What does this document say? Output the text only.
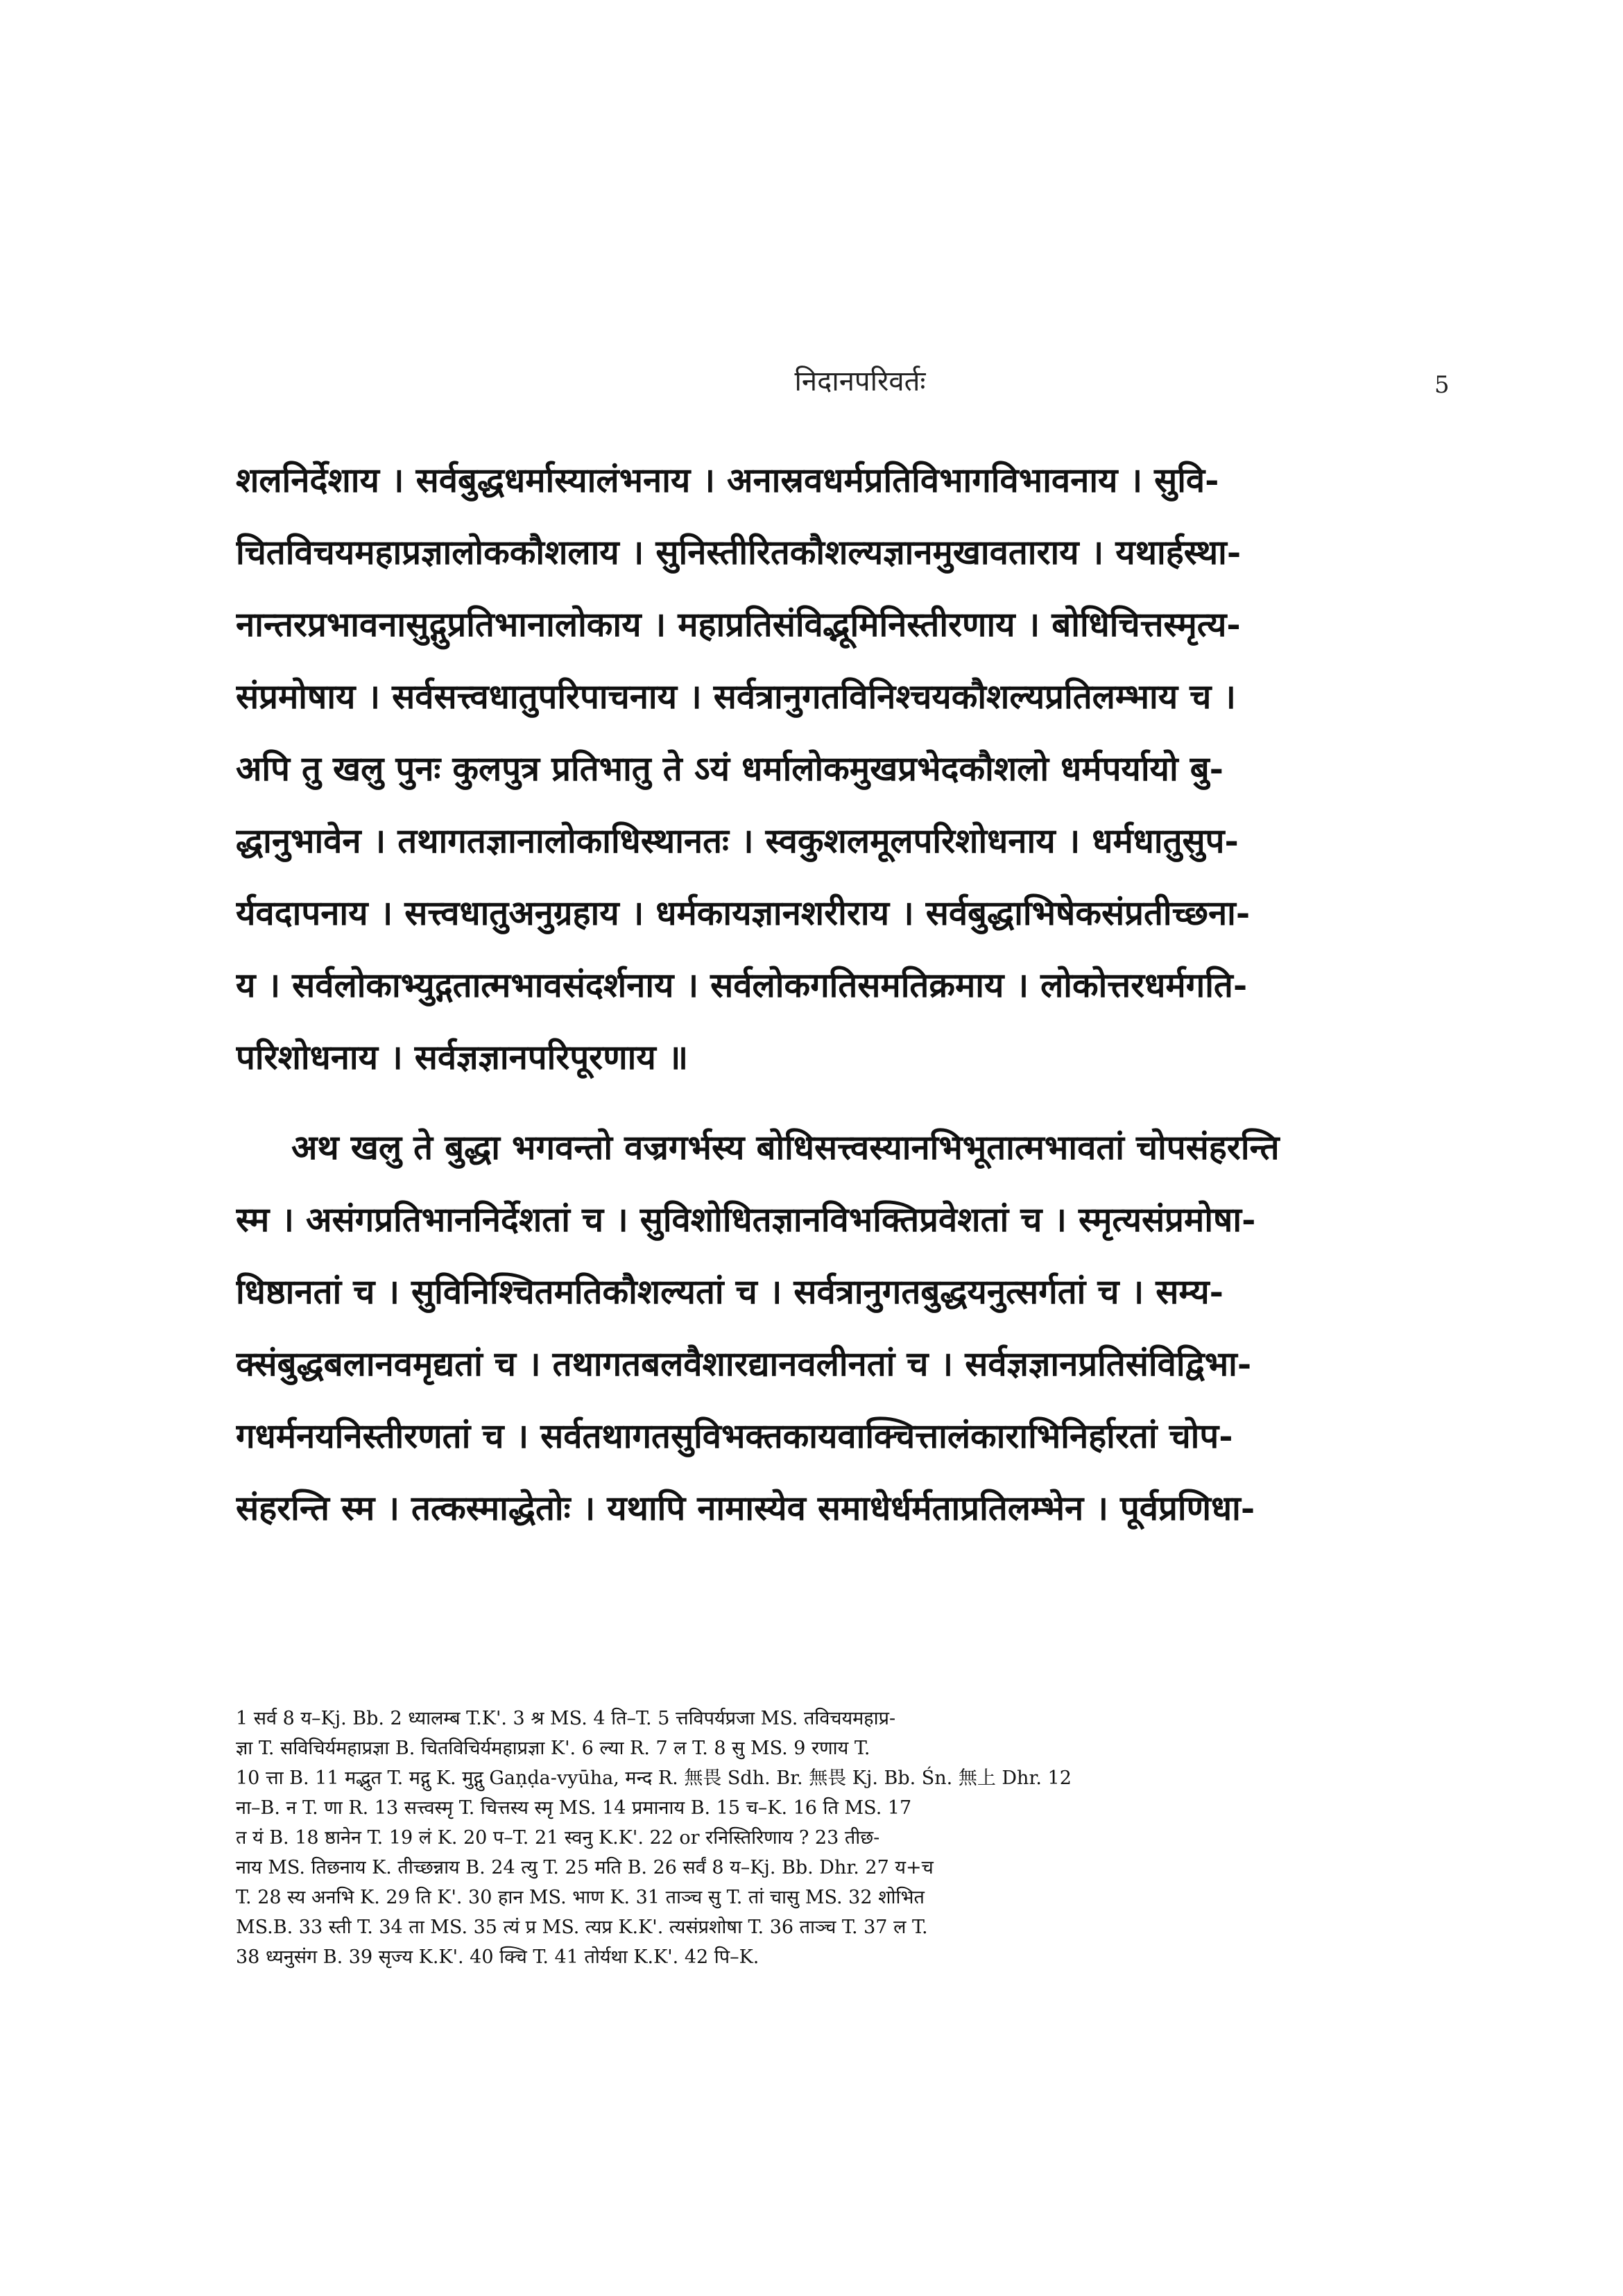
निदानपरिवर्तः	5
शलनिर्देशाय । सर्वबुद्धधर्मास्यालंभनाय । अनास्रवधर्मप्रतिविभागविभावनाय । सुवि-
चितविचयमहाप्रज्ञालोककौशलाय । सुनिस्तीरितकौशल्यज्ञानमुखावताराय । यथार्हस्था-
नान्तरप्रभावनासुद्गुप्रतिभानालोकाय । महाप्रतिसंविद्भूमिनिस्तीरणाय । बोधिचित्तस्मृत्य-
संप्रमोषाय । सर्वसत्त्वधातुपरिपाचनाय । सर्वत्रानुगतविनिश्चयकौशल्यप्रतिलम्भाय च ।
अपि तु खलु पुनः कुलपुत्र प्रतिभातु ते ऽयं धर्मालोकमुखप्रभेदकौशलो धर्मपर्यायो बु-
द्धानुभावेन । तथागतज्ञानालोकाधिस्थानतः । स्वकुशलमूलपरिशोधनाय । धर्मधातुसुप-
र्यवदापनाय । सत्त्वधातुअनुग्रहाय । धर्मकायज्ञानशरीराय । सर्वबुद्धाभिषेकसंप्रतीच्छना-
य । सर्वलोकाभ्युद्गतात्मभावसंदर्शनाय । सर्वलोकगतिसमतिक्रमाय । लोकोत्तरधर्मगति-
परिशोधनाय । सर्वज्ञज्ञानपरिपूरणाय ॥
अथ खलु ते बुद्धा भगवन्तो वज्रगर्भस्य बोधिसत्त्वस्यानभिभूतात्मभावतां चोपसंहरन्ति
स्म । असंगप्रतिभाननिर्देशतां च । सुविशोधितज्ञानविभक्तिप्रवेशतां च । स्मृत्यसंप्रमोषा-
धिष्ठानतां च । सुविनिश्चितमतिकौशल्यतां च । सर्वत्रानुगतबुद्धयनुत्सर्गतां च । सम्य-
क्संबुद्धबलानवमृद्यतां च । तथागतबलवैशारद्यानवलीनतां च । सर्वज्ञज्ञानप्रतिसंविद्विभा-
गधर्मनयनिस्तीरणतां च । सर्वतथागतसुविभक्तकायवाक्चित्तालंकाराभिनिर्हारतां चोप-
संहरन्ति स्म । तत्कस्माद्धेतोः । यथापि नामास्येव समाधेर्धर्मताप्रतिलम्भेन । पूर्वप्रणिधा-
1 सर्व 8 य–Kj. Bb. 2 ध्यालम्ब T.K'. 3 श्र MS. 4 ति–T. 5 त्तविपर्यप्रजा MS. तविचयमहाप्र-
ज्ञा T. सविचिर्यमहाप्रज्ञा B. चितविचिर्यमहाप्रज्ञा K'. 6 ल्या R. 7 ल T. 8 सु MS. 9 रणाय T.
10 त्ता B. 11 मद्भुत T. मद्गु K. मुद्गु Gaṇḍa-vyūha, मन्द R. 無畏 Sdh. Br. 無畏 Kj. Bb. Śn. 無上 Dhr. 12
ना–B. न T. णा R. 13 सत्त्वस्मृ T. चित्तस्य स्मृ MS. 14 प्रमानाय B. 15 च–K. 16 ति MS. 17
त यं B. 18 ष्ठानेन T. 19 लं K. 20 प–T. 21 स्वनु K.K'. 22 or रनिस्तिरिणाय ? 23 तीछ-
नाय MS. तिछनाय K. तीच्छन्नाय B. 24 त्यु T. 25 मति B. 26 सर्वं 8 य–Kj. Bb. Dhr. 27 य+च
T. 28 स्य अनभि K. 29 ति K'. 30 हान MS. भाण K. 31 ताञ्च सु T. तां चासु MS. 32 शोभित
MS.B. 33 स्ती T. 34 ता MS. 35 त्यं प्र MS. त्यप्र K.K'. त्यसंप्रशोषा T. 36 ताञ्च T. 37 ल T.
38 ध्यनुसंग B. 39 सृज्य K.K'. 40 क्चि T. 41 तोर्यथा K.K'. 42 पि–K.
